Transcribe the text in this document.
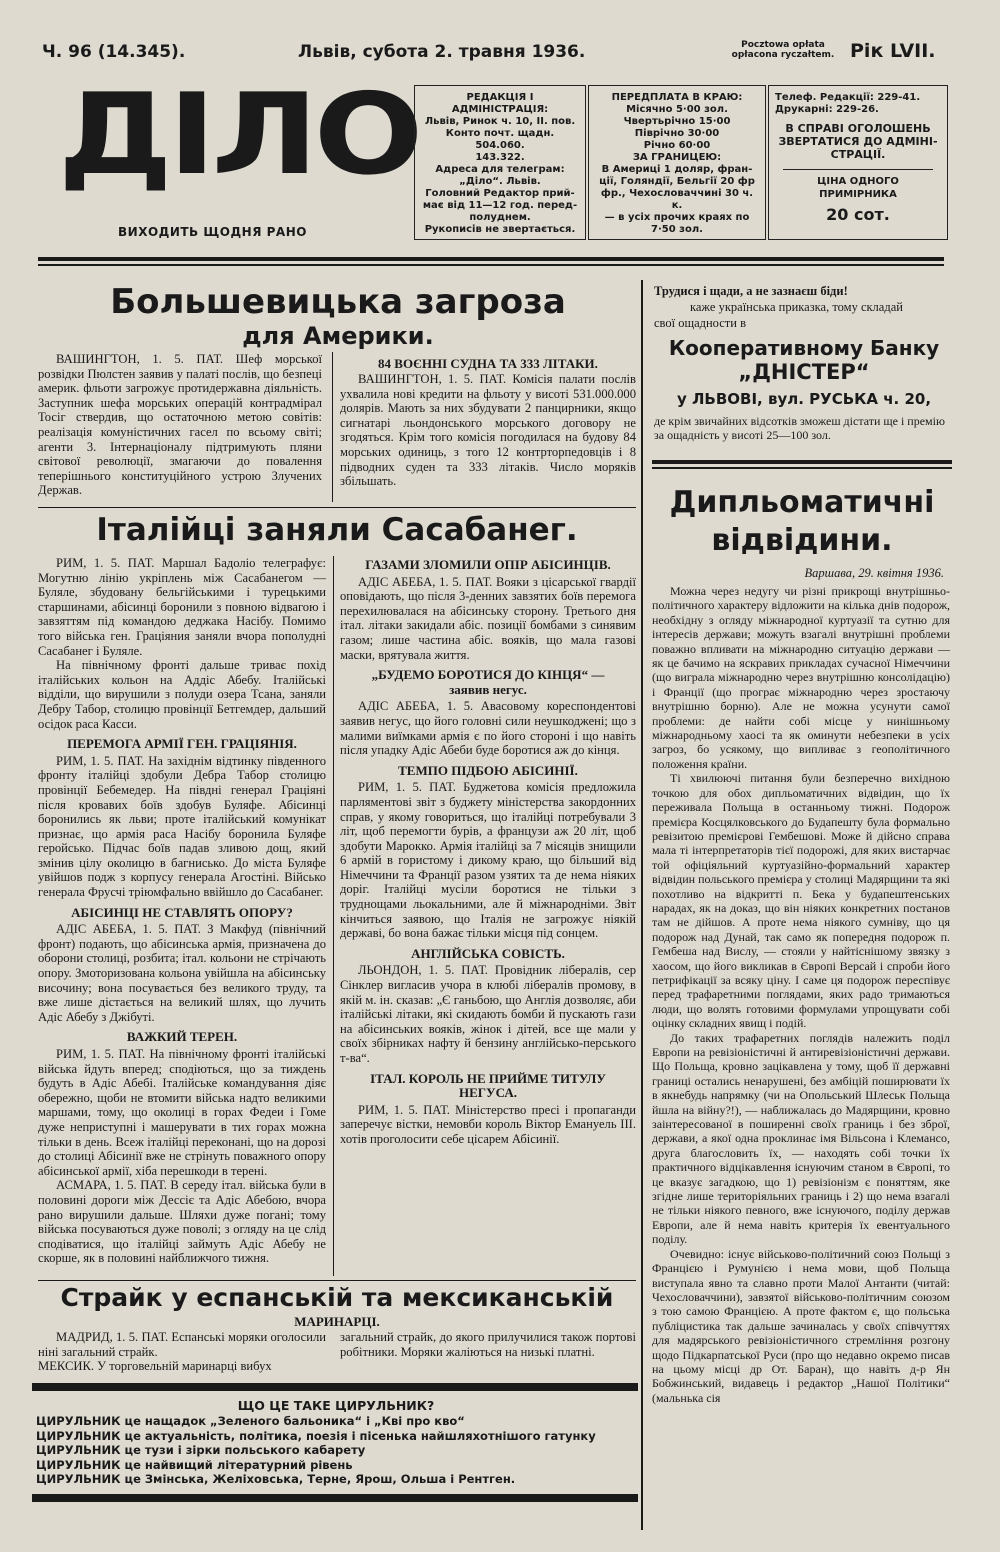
Ч. 96 (14.345).	Львів, субота 2. травня 1936.	Pocztowa opłata
opłacona ryczałtem. Рік LVII.
ДІЛО
ВИХОДИТЬ ЩОДНЯ РАНО
РЕДАКЦІЯ І АДМІНІСТРАЦІЯ:
Львів, Ринок ч. 10, II. пов.
Конто почт. щадн. 504.060.
143.322.
Адреса для телеграм:
„Діло“. Львів.
Головний Редактор прий-
має від 11—12 год. перед-
полуднем.
Рукописів не звертається.
ПЕРЕДПЛАТА В КРАЮ:
Місячно 5·00 зол.
Чвертьрічно 15·00
Піврічно 30·00
Річно 60·00
ЗА ГРАНИЦЕЮ:
В Америці 1 доляр, фран-
ції, Голяндії, Бельгії 20 фр
фр., Чехословаччині 30 ч. к.
— в усіх прочих краях по
7·50 зол.
Телеф. Редакції: 229-41.
Друкарні: 229-26.
В СПРАВІ ОГОЛОШЕНЬ
ЗВЕРТАТИСЯ ДО АДМІНІ-
СТРАЦІЇ.
ЦІНА ОДНОГО ПРИМІРНИКА
20 сот.
Большевицька загроза
для Америки.
ВАШИНГТОН, 1. 5. ПАТ. Шеф морської розвідки Пюлстен заявив у палаті послів, що безпеці америк. фльоти загрожує протидержавна діяльність. Заступник шефа морських операцій контрадмірал Тосіг ствердив, що остаточною метою совітів: реалізація комуністичних гасел по всьому світі; агенти 3. Інтернаціоналу підтримують пляни світової революції, змагаючи до повалення теперішнього конституційного устрою Злучених Держав.
84 ВОЄННІ СУДНА ТА 333 ЛІТАКИ.
ВАШИНГТОН, 1. 5. ПАТ. Комісія палати послів ухвалила нові кредити на фльоту у висоті 531.000.000 долярів. Мають за них збудувати 2 панцирники, якщо сигнатарі льондонського морського договору не згодяться. Крім того комісія погодилася на будову 84 морських одиниць, з того 12 контрторпедовців і 8 підводних суден та 333 літаків. Число моряків збільшать.
Італійці заняли Сасабанег.

РИМ, 1. 5. ПАТ. Маршал Бадоліо телеграфує: Могутню лінію укріплень між Сасабанегом —Буляле, збудовану бельгійськими і турецькими старшинами, абісинці боронили з повною відвагою і завзяттям під командою деджака Насібу. Помимо того війська ген. Граціяния заняли вчора пополудні Сасабанег і Буляле.

На північному фронті дальше триває похід італійських кольон на Аддіс Абебу. Італійські відділи, що вирушили з полуди озера Тсана, заняли Дебру Табор, столицю провінції Бетгемдер, дальший осідок раса Касси.

ПЕРЕМОГА АРМІЇ ГЕН. ГРАЦІЯНІЯ.

РИМ, 1. 5. ПАТ. На західнім відтинку південного фронту італійці здобули Дебра Табор столицю провінції Бебемедер. На півдні генерал Граціяні після кровавих боїв здобув Буляфе. Абісинці боронились як льви; проте італійський комунікат признає, що армія раса Насібу боронила Буляфе геройсько. Підчас боїв падав зливою дощ, який змінив цілу околицю в багнисько. До міста Буляфе увійшов подж з корпусу генерала Агостіні. Військо генерала Фрусчі тріюмфально ввійшло до Сасабанег.

АБІСИНЦІ НЕ СТАВЛЯТЬ ОПОРУ?

АДІС АБЕБА, 1. 5. ПАТ. З Макфуд (північний фронт) подають, що абісинська армія, призначена до оборони столиці, розбита; італ. кольони не стрічають опору. Змоторизована кольона увійшла на абісинську височину; вона посувається без великого труду, та вже лише дістається на великий шлях, що лучить Адіс Абебу з Джібуті.

ВАЖКИЙ ТЕРЕН.

РИМ, 1. 5. ПАТ. На північному фронті італійські війська йдуть вперед; сподіються, що за тиждень будуть в Адіс Абебі. Італійське командування діяє обережно, щоби не втомити війська надто великими маршами, тому, що околиці в горах Федеи і Гоме дуже неприступні і машерувати в тих горах можна тільки в день. Всеж італійці переконані, що на дорозі до столиці Абісинії вже не стрінуть поважного опору абісинської армії, хіба перешкоди в терені.

АСМАРА, 1. 5. ПАТ. В середу італ. війська були в половині дороги між Дессіє та Адіс Абебою, вчора рано вирушили дальше. Шляхи дуже погані; тому війська посуваються дуже поволі; з огляду на це слід сподіватися, що італійці займуть Адіс Абебу не скорше, як в половині найближчого тижня.

ГАЗАМИ ЗЛОМИЛИ ОПІР АБІСИНЦІВ.

АДІС АБЕБА, 1. 5. ПАТ. Вояки з цісарської гвардії оповідають, що після 3-денних завзятих боїв перемога перехилювалася на абісинську сторону. Третього дня італ. літаки закидали абіс. позиції бомбами з синявим газом; лише частина абіс. вояків, що мала газові маски, врятувала життя.

„БУДЕМО БОРОТИСЯ ДО КІНЦЯ“ —

заявив негус.

АДІС АБЕБА, 1. 5. Авасовому кореспондентові заявив негус, що його головні сили неушкоджені; що з малими виїмками армія є по його стороні і що навіть після упадку Адіс Абеби буде боротися аж до кінця.

ТЕМПО ПІДБОЮ АБІСИНІЇ.

РИМ, 1. 5. ПАТ. Буджетова комісія предложила парляментові звіт з буджету міністерства закордонних справ, у якому говориться, що італійці потребували 3 літ, щоб перемогти бурів, а французи аж 20 літ, щоб здобути Марокко. Армія італійці за 7 місяців знищили 6 армій в гористому і дикому краю, що більший від Німеччини та Франції разом узятих та де нема ніяких доріг. Італійці мусіли боротися не тільки з труднощами льокальними, але й міжнародніми. Звіт кінчиться заявою, що Італія не загрожує ніякій державі, бо вона бажає тільки місця під сонцем.

АНГЛІЙСЬКА СОВІСТЬ.

ЛЬОНДОН, 1. 5. ПАТ. Провідник лібералів, сер Сінклер вигласив учора в клюбі лібералів промову, в якій м. ін. сказав: „Є ганьбою, що Англія дозволяє, аби італійські літаки, які скидають бомби й пускають гази на абісинських вояків, жінок і дітей, все ще мали у своїх збірниках нафту й бензину англійсько-перського т-ва“.

ІТАЛ. КОРОЛЬ НЕ ПРИЙМЕ ТИТУЛУ НЕГУСА.

РИМ, 1. 5. ПАТ. Міністерство пресі і пропаганди заперечує вістки, немовби король Віктор Емануель III. хотів проголосити себе цісарем Абісинії.

Страйк у еспанській та мексиканській
МАРИНАРЦІ.
МАДРИД, 1. 5. ПАТ. Еспанські моряки оголосили ніні загальний страйк.
МЕКСИК. У торговельній маринарці вибух
загальний страйк, до якого прилучилися також портові робітники. Моряки жаліються на низькі платні.
ЩО ЦЕ ТАКЕ ЦИРУЛЬНИК?
ЦИРУЛЬНИК це нащадок „Зеленого бальоника“ і „Кві про кво“
ЦИРУЛЬНИК це актуальність, політика, поезія і пісенька найшляхотнішого гатунку
ЦИРУЛЬНИК це тузи і зірки польського кабарету
ЦИРУЛЬНИК це найвищий літературний рівень
ЦИРУЛЬНИК це Змінська, Желіховська, Терне, Ярош, Ольша і Рентген.
Трудися і щади, а не зазнаєш біди!
каже українська приказка, тому складай
свої ощадности в
Кооперативному Банку
„ДНІСТЕР“
у ЛЬВОВІ, вул. РУСЬКА ч. 20,
де крім звичайних відсотків зможеш дістати ще і премію за ощадність у висоті 25—100 зол.
Дипльоматичні
відвідини.
Варшава, 29. квітня 1936.

Можна через недугу чи різні прикрощі внутрішньо-політичного характеру відложити на кілька днів подорож, необхідну з огляду міжнародної куртуазії та сутню для інтересів держави; можуть взагалі внутрішні проблеми поважно впливати на міжнародню ситуацію держави — як це бачимо на яскравих прикладах сучасної Німеччини (що виграла міжнародню через внутрішню консолідацію) і Франції (що програє міжнародню через зростаючу внутрішню борню). Але не можна усунути самої проблеми: де найти собі місце у нинішньому міжнародньому хаосі та як оминути небезпеки в усіх загроз, бо усякому, що випливає з геополітичного положення країни.

Ті хвилюючі питання були безперечно вихідною точкою для обох дипльоматичних відвідин, що їх переживала Польща в останньому тижні. Подорож премієра Косцялковського до Будапешту була формально ревізитою премієрові Гембешові. Може й дійсно справа мала ті інтерпретаторів тієї подорожі, для яких вистарчає той офіціяльний куртуазійно-формальний характер відвідин польського премієра у столиці Мадярщини та які похотливо на відкритті п. Бека у будапештенських нарадах, як на доказ, що він ніяких конкретних постанов там не дійшов. А проте нема ніякого сумніву, що ця подорож над Дунай, так само як попередня подорож п. Гембеша над Вислу, — стояли у найтіснішому звязку з хаосом, що його викликав в Європі Версай і спроби його петрифікації за всяку ціну. І саме ця подорож переспівує перед трафаретними поглядами, яких радо тримаються люди, що волять готовими формулами упрощувати собі оцінку складних явищ і подій.

До таких трафаретних поглядів належить поділ Европи на ревізіоністичні й антиревізіоністичні держави. Що Польща, кровно зацікавлена у тому, щоб її державні границі остались ненарушені, без амбіцій поширювати їх в якнебудь напрямку (чи на Опольський Шлеськ Польща йшла на війну?!), — наближалась до Мадярщини, кровно заінтересованої в поширенні своїх границь і без зброї, держави, а якої одна проклинає імя Вільсона і Клемансо, друга благословить їх, — находять собі точки їх практичного відцікавлення існуючим станом в Європі, то це вказує загадкою, що 1) ревізіонізм є поняттям, яке згідне лише територіяльних границь і 2) що нема взагалі не тільки ніякого певного, вже існуючого, поділу держав Европи, але й нема навіть критерія їх евентуального поділу.

Очевидно: існує військово-політичний союз Польщі з Францією і Румунією і нема мови, щоб Польща виступала явно та славно проти Малої Антанти (читай: Чехословаччини), завзятої військово-політичним союзом з тою самою Францією. А проте фактом є, що польська публіцистика так дальше зачиналась у своїх співчуттях для мадярського ревізіоністичного стремління розгону щодо Підкарпатської Руси (про що недавно окремо писав на цьому місці др От. Баран), що навіть д-р Ян Бобжинський, видавець і редактор „Нашої Політики“ (мальнька сія
